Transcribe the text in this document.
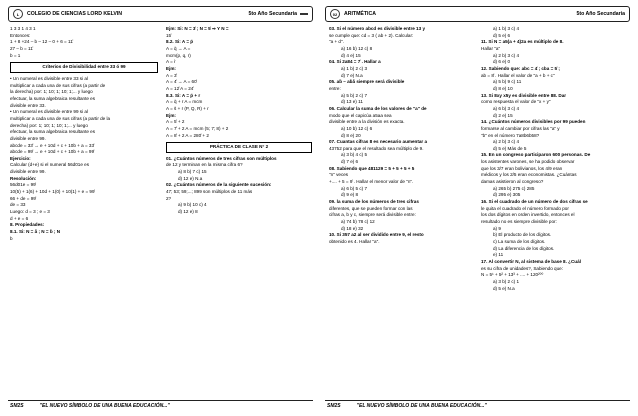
L	COLEGIO DE CIENCIAS LORD KELVIN	5to Año Secundaria
1 3 3 1 4 3 1
Entonces:
1 + 8 +24 – b – 12 – 0 + 6 = 11̊
27 – b = 11̊
b = 1
Criterios de Divisibilidad entre 33 ó 99
• Un numeral es divisible entre 33 si al
multiplicar a cada una de sus cifras (a partir de
la derecha) por: 1; 10; 1; 10; 1;... y luego
efectuar, la suma algebraica resultante es
divisible entre 33.
• Un numeral es divisible entre 99 si al
multiplicar a cada una de sus cifras (a partir de la
derecha) por: 1; 10; 1; 10; 1;... y luego
efectuar, la suma algebraica resultante es
divisible entre 99.
abcde = 33̊ → e + 10d + c + 10b + a = 33̊
abcde = 99̊ → e + 10d + c + 10b + a = 99̊
Ejercicio:
Calcular (d+e) si el numeral 56d01e es
divisible entre 99.
Resolución:
56d01e = 99̊
10(5) + 1(6) + 10d + 1(0) + 10(1) + e = 99̊
66 + de = 99̊
de = 33
Luego: d = 3 ; e = 3
d + e = 6
8. Propiedades:
8.1. Si: N = å ; N = b̊ ; N
b
Ejm: Si: N = 3̊ ; N = 5̊ ⇒ Y N =
15̊
8.2. Si: A = p̊
A = q̊ → A =
mcm(p, q, r)
A = r̊
Ejm:
A = 3̊
A = 4̊ → A = 60̊
A = 12̊ A = 24̊
8.3. Si: A = p̊ + r
A = q̊ + r A = mcm
A = s̊ + r (P, Q, R) + r
Ejm:
A = 5̊ + 2
A = 7̊ + 2 A = mcm (5; 7; 8) + 2
A = 8̊ + 2 A = 280̊ + 2
PRÁCTICA DE CLASE N° 2
01. ¿Cuántos números de tres cifras son múltiplos
de 12 y terminan en la misma cifra 6?
a) 8 b) 7 c) 15
d) 12 e) N.a
02. ¿Cuántos números de la siguiente sucesión:
47; 53; 59;...; 899 son múltiplos de 11 más
2?
a) 9 b) 10 c) 4
d) 12 e) 8
SM2S	"EL NUEVO SÍMBOLO DE UNA BUENA EDUCACIÓN..."
02	ARITMÉTICA	5to Año Secundaria
03. Si el número abcd es divisible entre 13 y
se cumple que: cd = 3 ( ab + 2). Calcular:
"a + d".
a) 16 b) 12 c) 8
d) 4 e) 15
04. Si 2a84 = 7̊ . Hallar a
a) 1 b) 2 c) 3
d) 7 e) N.a
05. ab̊ – ab̊å siempre será divisible
entre:
a) 5 b) 2 c) 7
d) 13 e) 11
06. Calcular la suma de los valores de "a" de
modo que el capicúa a5aa sea
divisible entre a la división es exacta.
a) 10 b) 12 c) 6
d) 8 e) 20
07. Cuantas cifras 8 es necesario aumentar a
43752 para que el resultado sea múltiplo de 9.
a) 3 b) 4 c) 5
d) 7 e) 6
08. Sabiendo que 481129 = 5 + 5 + 5 + 5
"n" veces
+.... + 5 = 9̊ . Hallar el menor valor de "n".
a) 6 b) 5 c) 7
d) 9 e) 8
09. la suma de los números de tres cifras
diferentes, que se pueden formar con las
cifras a, b y c, siempre será divisible entre:
a) 74 b) 78 c) 12
d) 18 e) 32
10. Si 357 a2 al ser dividido entre 9, el resto
obtenido es 4. Hallar "a".
a) 1 b) 3 c) 4
d) 5 e) 6
11. Si N = a5(a + 4)2a es múltiplo de 8.
Hallar "a"
a) 2 b) 3 c) 4
d) 6 e) 0
12. Sabiendo que: abc = 4̊ ; cba = 5̊ ;
ab = 8̊ . Hallar el valor de "a + b + c"
a) 5 b) 9 c) 11
d) 8 e) 10
13. Si 8xy x5y es divisible entre 88. Dar
como respuesta el valor de "x + y"
a) 6 b) 3 c) 4
d) 2 e) 15
14. ¿Cuántos números divisibles por 99 pueden
formarse al cambiar por cifras las "a" y
"b" en el número 7a8b6b58?
a) 2 b) 3 c) 4
d) 5 e) Más de 5
15. En un congreso participaron 600 personas. De
los asistentes varones, se ha podido observar
que los 3/7 eran bolivianos, los 4/9 eran
médicos y los 2/5 eran economistas. ¿Cuántas
damas asistieron al congreso?
a) 265 b) 275 c) 285
d) 295 e) 305
16. Si el cuadrado de un número de dos cifras se
le quita el cuadrado el número formado por
los dos dígitos en orden invertido, entonces el
resultado no es siempre divisible por:
a) 9
b) El producto de los dígitos.
c) La suma de los dígitos.
d) La diferencia de los dígitos.
e) 11
17. Al convertir N, al sistema de base 8. ¿Cuál
es su cifra de unidades?, Sabiendo que:
N = 5¹ + 5² + 13³ + .... + 120²⁰⁰
a) 3 b) 2 c) 1
d) 5 e) N.a
SM2S	"EL NUEVO SÍMBOLO DE UNA BUENA EDUCACIÓN..."
